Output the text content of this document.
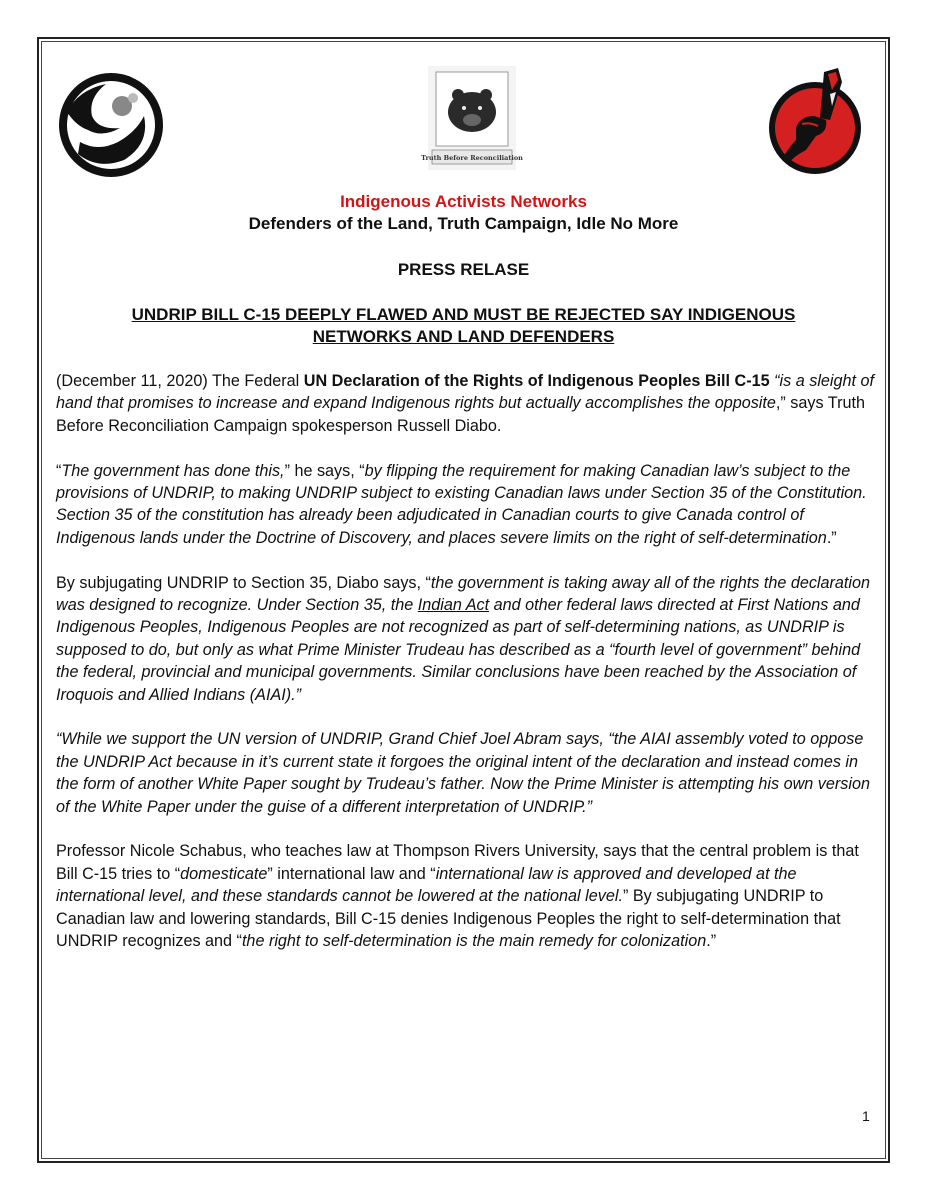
Truth Before Reconciliation
Indigenous Activists Networks
Defenders of the Land, Truth Campaign, Idle No More
PRESS RELASE
UNDRIP BILL C-15 DEEPLY FLAWED AND MUST BE REJECTED SAY INDIGENOUS
NETWORKS AND LAND DEFENDERS

(December 11, 2020) The Federal UN Declaration of the Rights of Indigenous Peoples Bill C-15 “is a sleight of hand that promises to increase and expand Indigenous rights but actually accomplishes the opposite,” says Truth Before Reconciliation Campaign spokesperson Russell Diabo.

“The government has done this,” he says, “by flipping the requirement for making Canadian law’s subject to the provisions of UNDRIP, to making UNDRIP subject to existing Canadian laws under Section 35 of the Constitution. Section 35 of the constitution has already been adjudicated in Canadian courts to give Canada control of Indigenous lands under the Doctrine of Discovery, and places severe limits on the right of self-determination.”

By subjugating UNDRIP to Section 35, Diabo says, “the government is taking away all of the rights the declaration was designed to recognize. Under Section 35, the Indian Act and other federal laws directed at First Nations and Indigenous Peoples, Indigenous Peoples are not recognized as part of self-determining nations, as UNDRIP is supposed to do, but only as what Prime Minister Trudeau has described as a “fourth level of government” behind the federal, provincial and municipal governments. Similar conclusions have been reached by the Association of Iroquois and Allied Indians (AIAI).”

“While we support the UN version of UNDRIP, Grand Chief Joel Abram says, “the AIAI assembly voted to oppose the UNDRIP Act because in it’s current state it forgoes the original intent of the declaration and instead comes in the form of another White Paper sought by Trudeau’s father. Now the Prime Minister is attempting his own version of the White Paper under the guise of a different interpretation of UNDRIP.”

Professor Nicole Schabus, who teaches law at Thompson Rivers University, says that the central problem is that Bill C-15 tries to “domesticate” international law and “international law is approved and developed at the international level, and these standards cannot be lowered at the national level.” By subjugating UNDRIP to Canadian law and lowering standards, Bill C-15 denies Indigenous Peoples the right to self-determination that UNDRIP recognizes and “the right to self-determination is the main remedy for colonization.”

1
